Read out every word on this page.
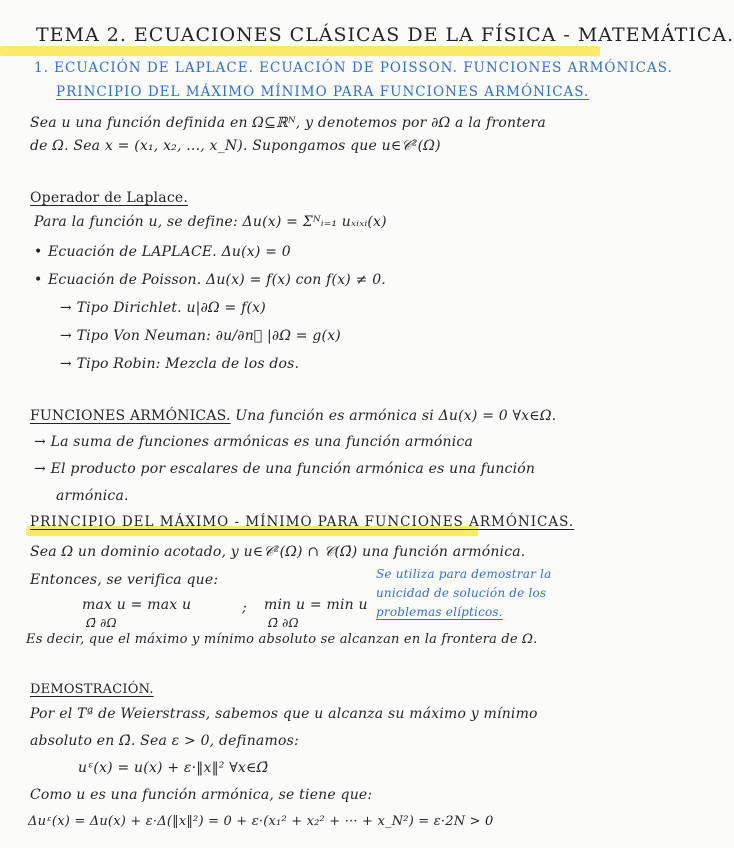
TEMA 2. ECUACIONES CLÁSICAS DE LA FÍSICA - MATEMÁTICA.
1. ECUACIÓN DE LAPLACE. ECUACIÓN DE POISSON. FUNCIONES ARMÓNICAS.
PRINCIPIO DEL MÁXIMO MÍNIMO PARA FUNCIONES ARMÓNICAS.
Sea u una función definida en Ω⊆ℝᴺ, y denotemos por ∂Ω a la frontera
de Ω. Sea x = (x₁, x₂, ..., x_N). Supongamos que u∈𝒞²(Ω)
Operador de Laplace.
Para la función u, se define: Δu(x) = Σᴺᵢ₌₁ uₓᵢₓᵢ(x)
• Ecuación de LAPLACE. Δu(x) = 0
• Ecuación de Poisson. Δu(x) = f(x) con f(x) ≠ 0.
→ Tipo Dirichlet. u|∂Ω = f(x)
→ Tipo Von Neuman: ∂u/∂n⃗ |∂Ω = g(x)
→ Tipo Robin: Mezcla de los dos.
FUNCIONES ARMÓNICAS. Una función es armónica si Δu(x) = 0 ∀x∈Ω.
→ La suma de funciones armónicas es una función armónica
→ El producto por escalares de una función armónica es una función
armónica.
PRINCIPIO DEL MÁXIMO - MÍNIMO PARA FUNCIONES ARMÓNICAS.
Sea Ω un dominio acotado, y u∈𝒞²(Ω) ∩ 𝒞(Ω̄) una función armónica.
Entonces, se verifica que:
max u = max u
Ω̄ ∂Ω
; min u = min u
Ω̄ ∂Ω
Se utiliza para demostrar la
unicidad de solución de los
problemas elípticos.
Es decir, que el máximo y mínimo absoluto se alcanzan en la frontera de Ω.
DEMOSTRACIÓN.
Por el Tª de Weierstrass, sabemos que u alcanza su máximo y mínimo
absoluto en Ω̄. Sea ε > 0, definamos:
uᵋ(x) = u(x) + ε·‖x‖² ∀x∈Ω̄
Como u es una función armónica, se tiene que:
Δuᵋ(x) = Δu(x) + ε·Δ(‖x‖²) = 0 + ε·(x₁² + x₂² + ··· + x_N²) = ε·2N > 0
